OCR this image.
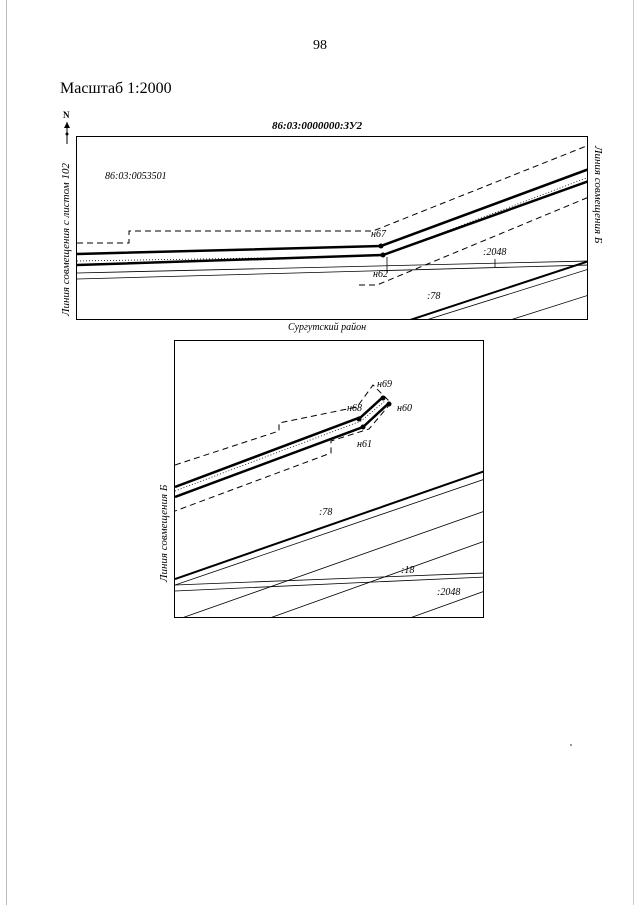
98
Масштаб 1:2000
N
86:03:0000000:ЗУ2
86:03:0053501
н67
н62
:2048
:78
Линия совмещения с листом 102	Линия совмещения Б
Сургутский район
н69
н68	н60
н61
:78
:18
:2048
Линия совмещения Б
